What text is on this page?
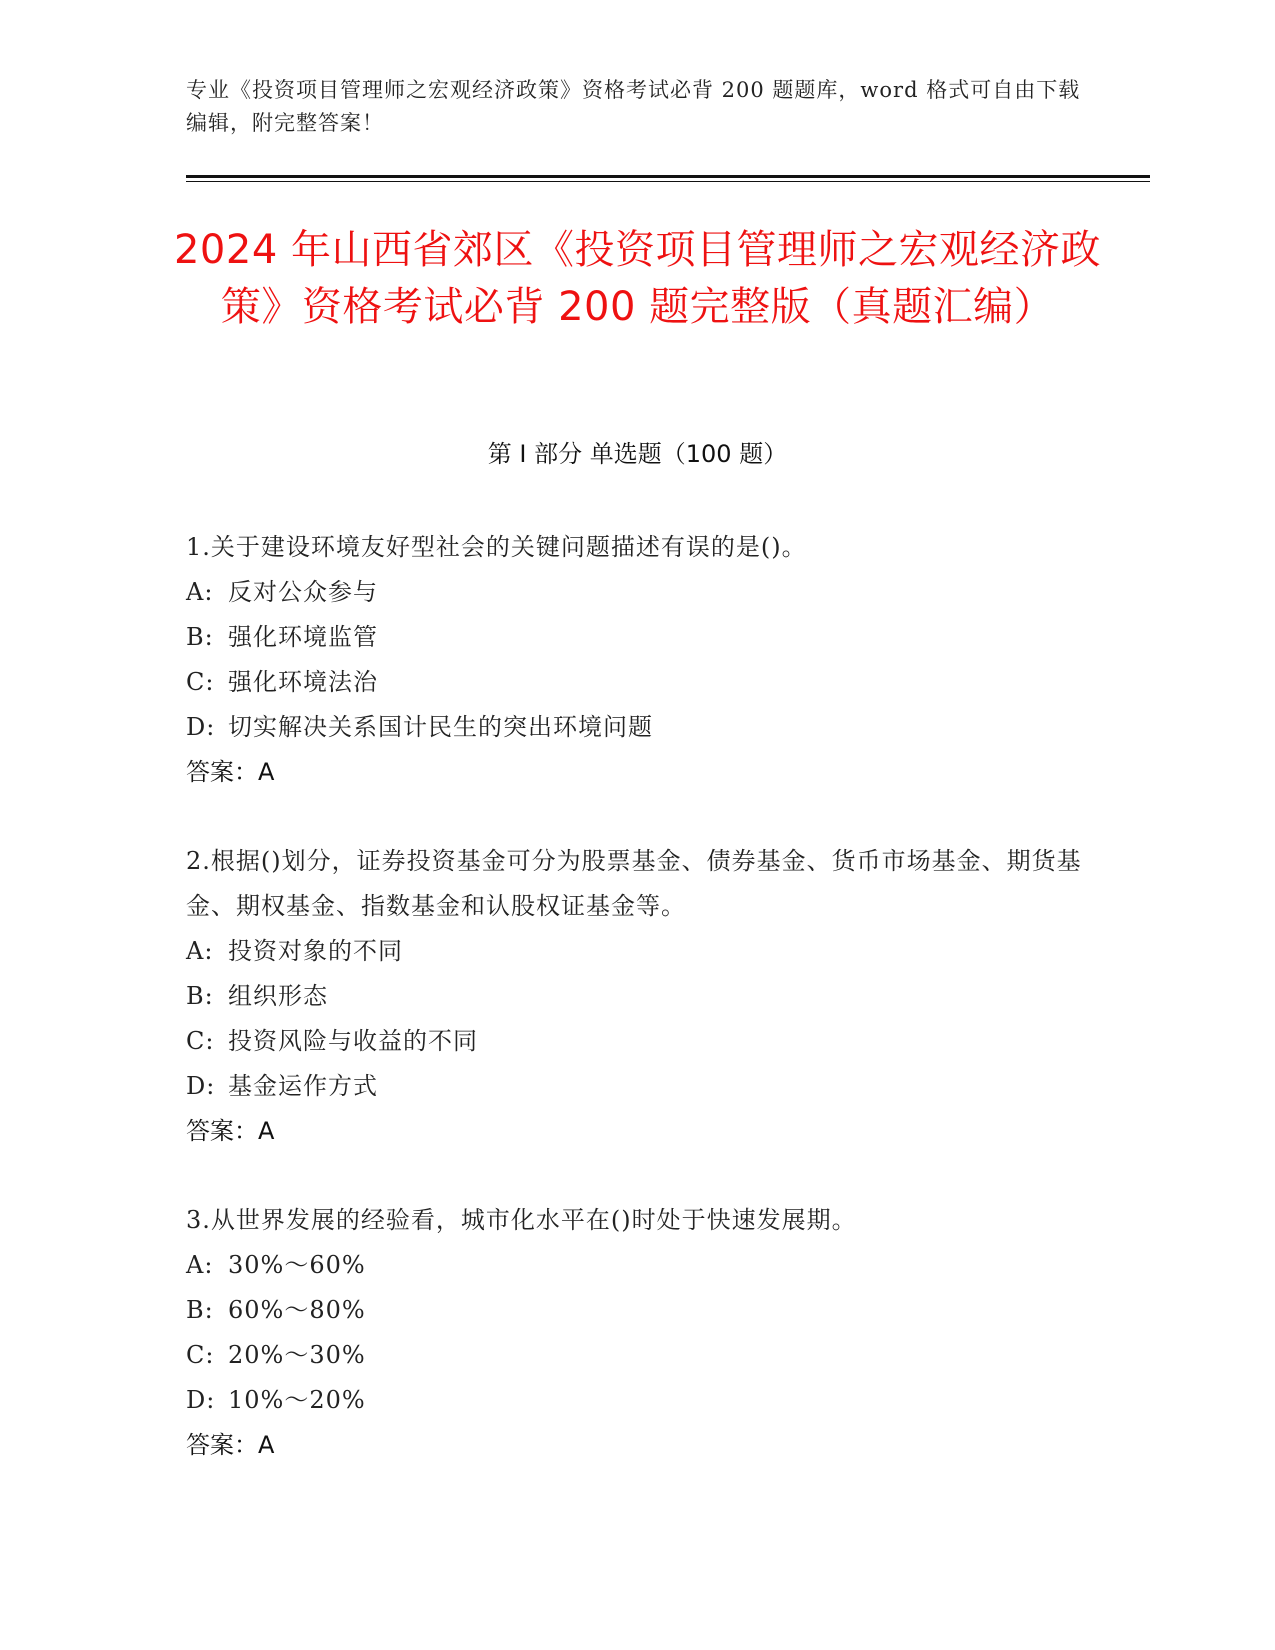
专业《投资项目管理师之宏观经济政策》资格考试必背 200 题题库，word 格式可自由下载编辑，附完整答案！
2024 年山西省郊区《投资项目管理师之宏观经济政策》资格考试必背 200 题完整版（真题汇编）
第 I 部分 单选题（100 题）
1.关于建设环境友好型社会的关键问题描述有误的是()。
A: 反对公众参与
B: 强化环境监管
C: 强化环境法治
D: 切实解决关系国计民生的突出环境问题
答案：A
2.根据()划分，证券投资基金可分为股票基金、债券基金、货币市场基金、期货基金、期权基金、指数基金和认股权证基金等。
A: 投资对象的不同
B: 组织形态
C: 投资风险与收益的不同
D: 基金运作方式
答案：A
3.从世界发展的经验看，城市化水平在()时处于快速发展期。
A: 30%～60%
B: 60%～80%
C: 20%～30%
D: 10%～20%
答案：A
